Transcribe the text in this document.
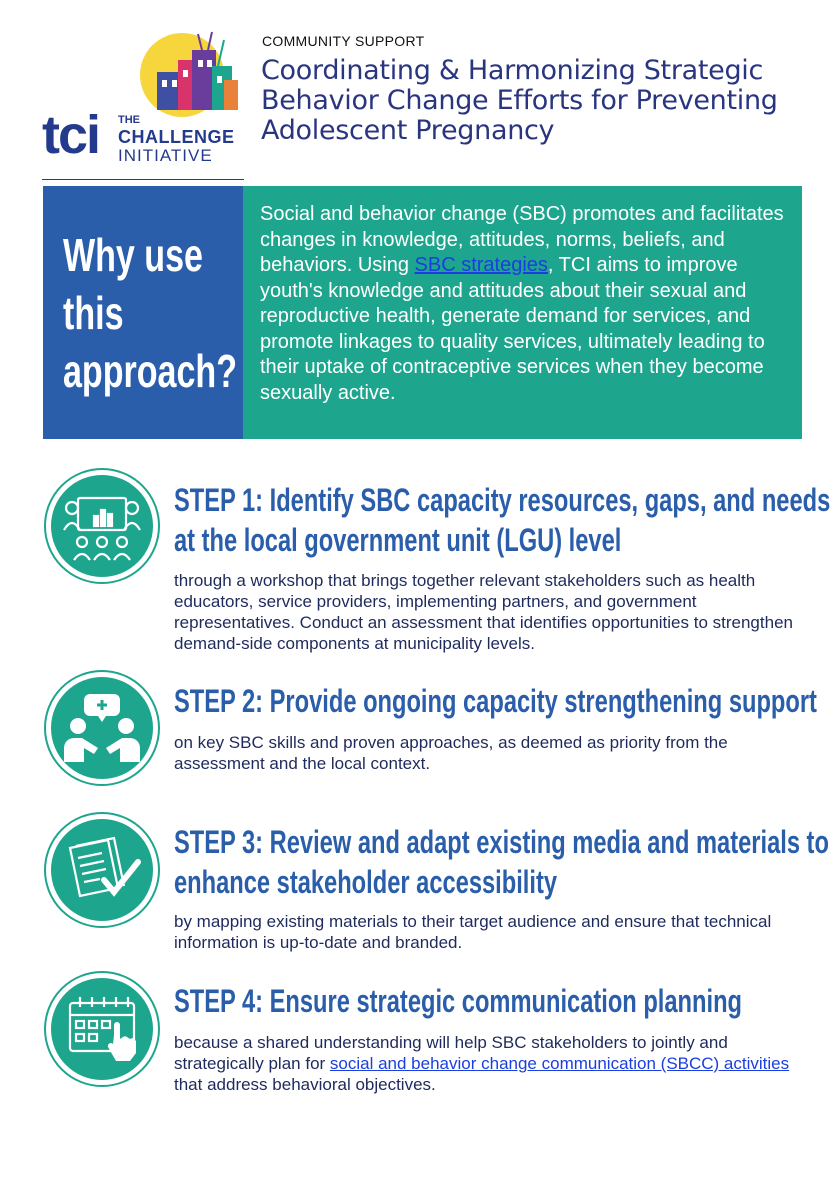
tci THE
CHALLENGE
INITIATIVE
COMMUNITY SUPPORT
Coordinating & Harmonizing Strategic Behavior Change Efforts for Preventing Adolescent Pregnancy
Why use
this
approach?
Social and behavior change (SBC) promotes and facilitates changes in knowledge, attitudes, norms, beliefs, and behaviors. Using SBC strategies, TCI aims to improve youth's knowledge and attitudes about their sexual and reproductive health, generate demand for services, and promote linkages to quality services, ultimately leading to their uptake of contraceptive services when they become sexually active.
STEP 1: Identify SBC capacity resources, gaps, and needs
at the local government unit (LGU) level
through a workshop that brings together relevant stakeholders such as health educators, service providers, implementing partners, and government representatives. Conduct an assessment that identifies opportunities to strengthen demand-side components at municipality levels.
STEP 2: Provide ongoing capacity strengthening support
on key SBC skills and proven approaches, as deemed as priority from the assessment and the local context.
STEP 3: Review and adapt existing media and materials to
enhance stakeholder accessibility
by mapping existing materials to their target audience and ensure that technical information is up-to-date and branded.
STEP 4: Ensure strategic communication planning
because a shared understanding will help SBC stakeholders to jointly and strategically plan for social and behavior change communication (SBCC) activities that address behavioral objectives.
